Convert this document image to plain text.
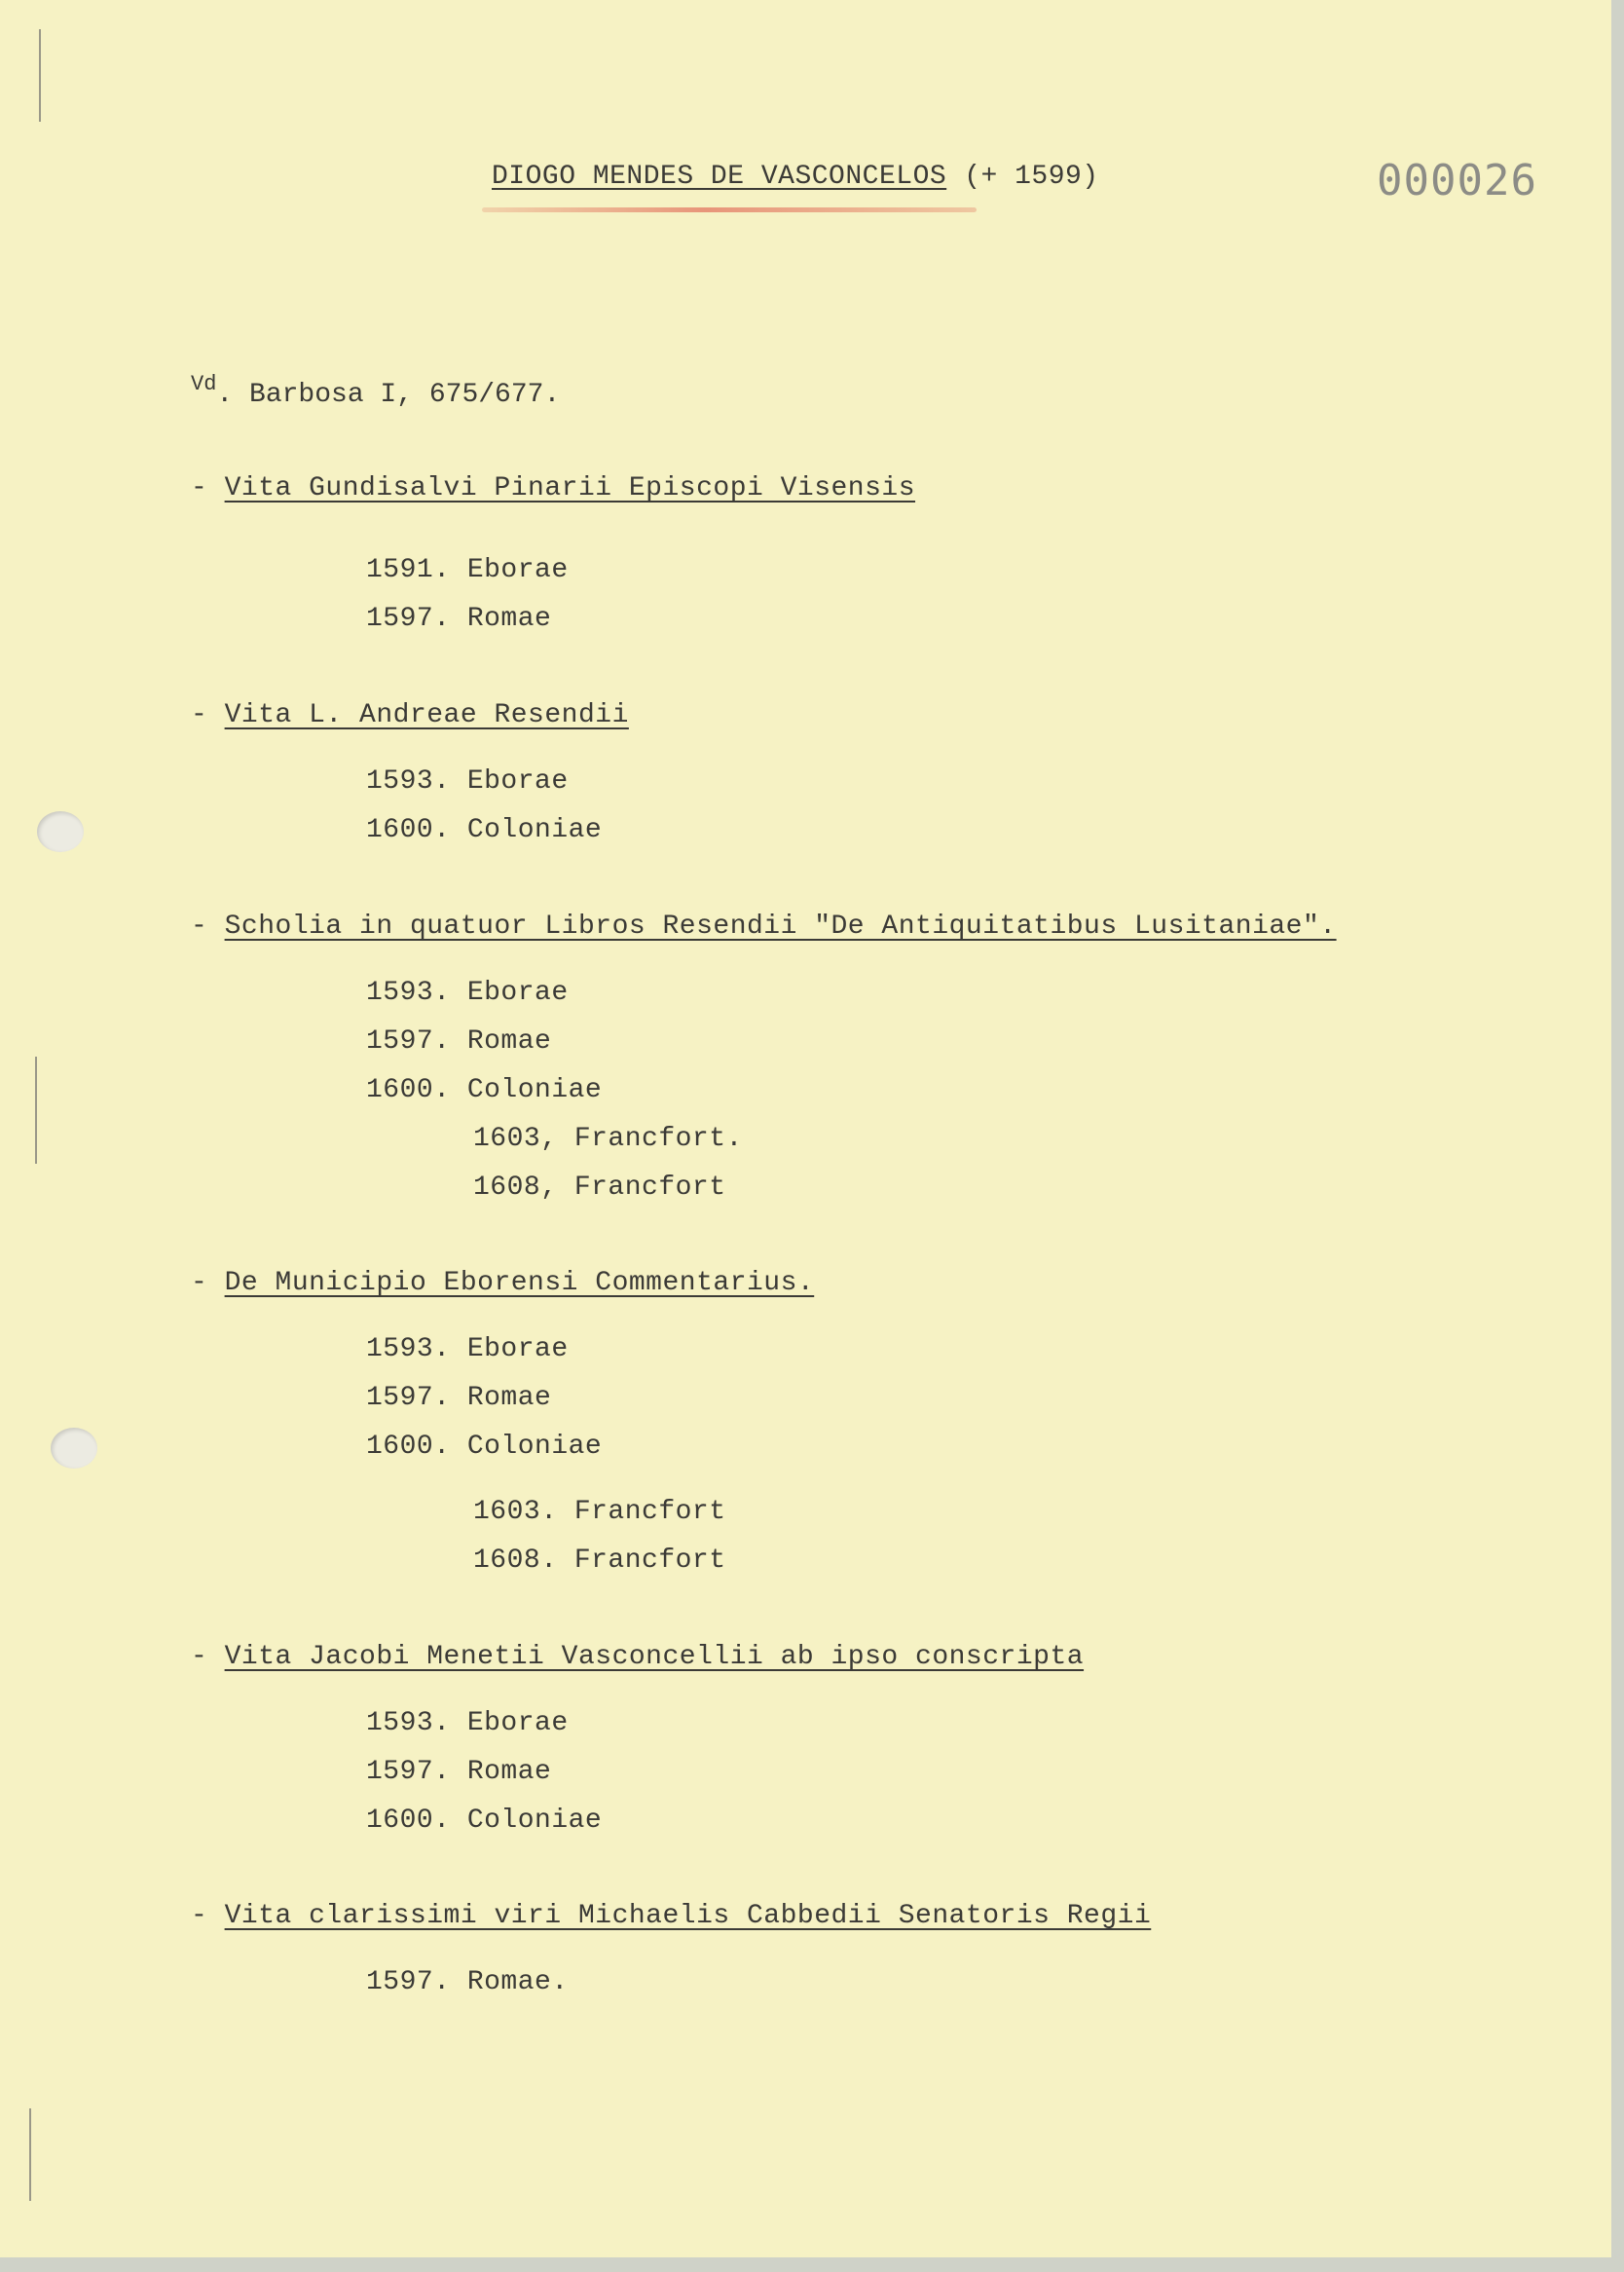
DIOGO MENDES DE VASCONCELOS (+ 1599)	000026
$^{Vd}$. Barbosa I, 675/677.
- Vita Gundisalvi Pinarii Episcopi Visensis
1591. Eborae
1597. Romae
- Vita L. Andreae Resendii
1593. Eborae
1600. Coloniae
- Scholia in quatuor Libros Resendii "De Antiquitatibus Lusitaniae".
1593. Eborae
1597. Romae
1600. Coloniae
1603, Francfort.
1608, Francfort
- De Municipio Eborensi Commentarius.
1593. Eborae
1597. Romae
1600. Coloniae
1603. Francfort
1608. Francfort
- Vita Jacobi Menetii Vasconcellii ab ipso conscripta
1593. Eborae
1597. Romae
1600. Coloniae
- Vita clarissimi viri Michaelis Cabbedii Senatoris Regii
1597. Romae.
